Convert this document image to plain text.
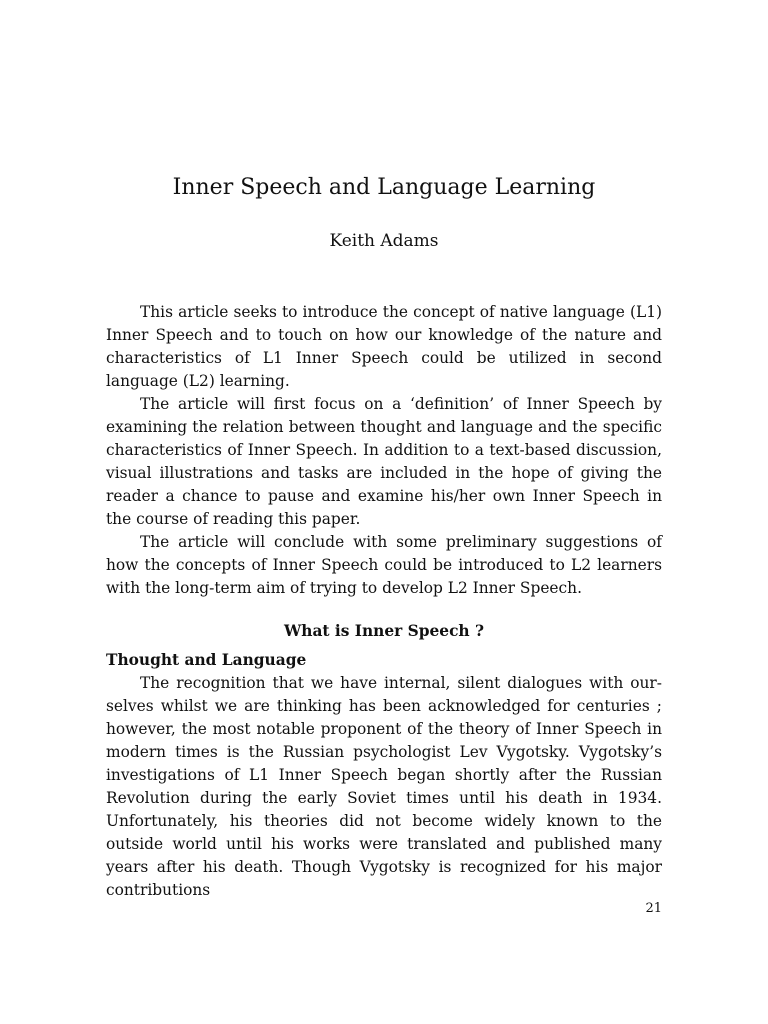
Inner Speech and Language Learning
Keith Adams

This article seeks to introduce the concept of native language (L1) Inner Speech and to touch on how our knowledge of the nature and characteristics of L1 Inner Speech could be utilized in second language (L2) learning.

The article will first focus on a ‘definition’ of Inner Speech by examining the relation between thought and language and the specific characteristics of Inner Speech. In addition to a text-based discussion, visual illustrations and tasks are included in the hope of giving the reader a chance to pause and examine his/her own Inner Speech in the course of reading this paper.

The article will conclude with some preliminary suggestions of how the concepts of Inner Speech could be introduced to L2 learners with the long-term aim of trying to develop L2 Inner Speech.

What is Inner Speech ?
Thought and Language

The recognition that we have internal, silent dialogues with our-selves whilst we are thinking has been acknowledged for centuries ; however, the most notable proponent of the theory of Inner Speech in modern times is the Russian psychologist Lev Vygotsky. Vygotsky’s investigations of L1 Inner Speech began shortly after the Russian Revolution during the early Soviet times until his death in 1934. Unfortunately, his theories did not become widely known to the outside world until his works were translated and published many years after his death. Though Vygotsky is recognized for his major contributions

21
